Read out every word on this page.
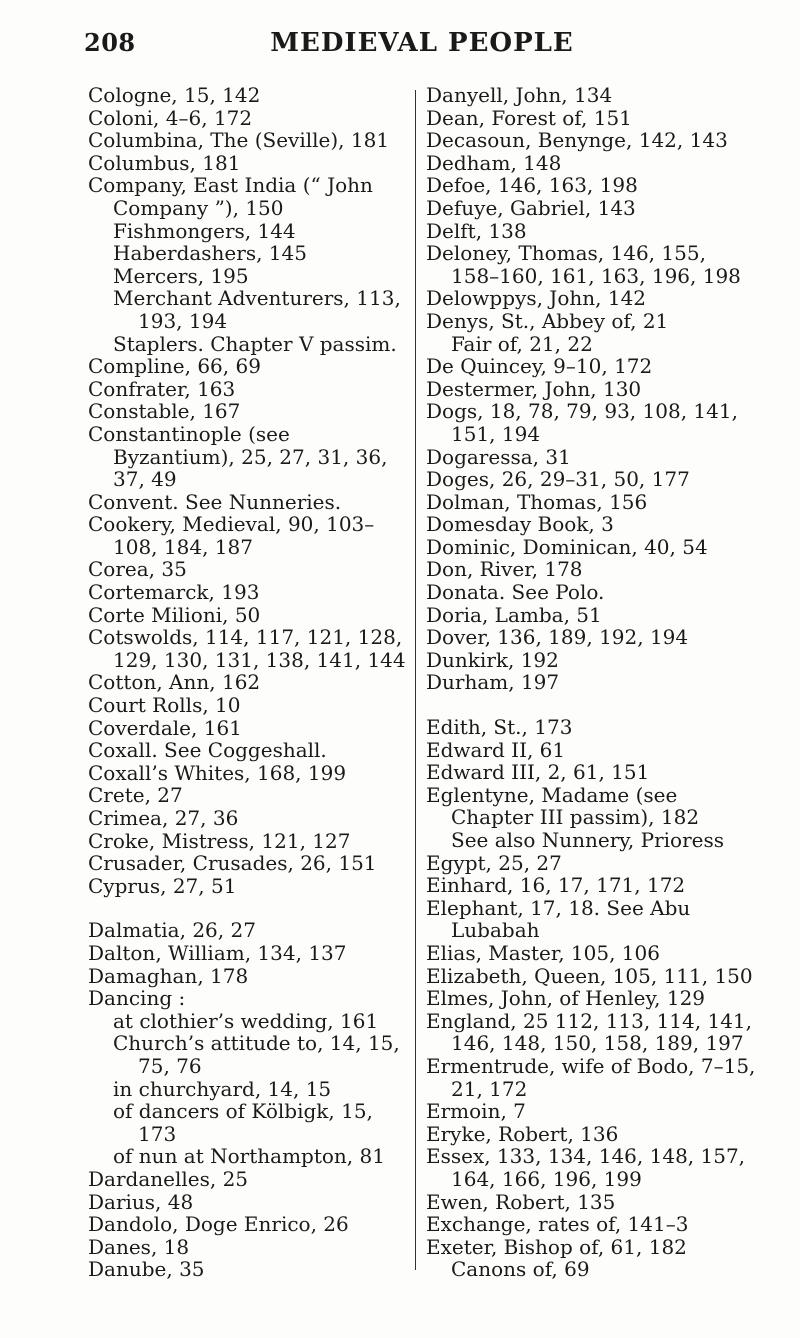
208	MEDIEVAL PEOPLE
Cologne, 15, 142
Coloni, 4–6, 172
Columbina, The (Seville), 181
Columbus, 181
Company, East India (“ John Company ”), 150
Fishmongers, 144
Haberdashers, 145
Mercers, 195
Merchant Adventurers, 113, 193, 194
Staplers. Chapter V passim.
Compline, 66, 69
Confrater, 163
Constable, 167
Constantinople (see Byzantium), 25, 27, 31, 36, 37, 49
Convent. See Nunneries.
Cookery, Medieval, 90, 103–108, 184, 187
Corea, 35
Cortemarck, 193
Corte Milioni, 50
Cotswolds, 114, 117, 121, 128, 129, 130, 131, 138, 141, 144
Cotton, Ann, 162
Court Rolls, 10
Coverdale, 161
Coxall. See Coggeshall.
Coxall’s Whites, 168, 199
Crete, 27
Crimea, 27, 36
Croke, Mistress, 121, 127
Crusader, Crusades, 26, 151
Cyprus, 27, 51
Dalmatia, 26, 27
Dalton, William, 134, 137
Damaghan, 178
Dancing :
at clothier’s wedding, 161
Church’s attitude to, 14, 15, 75, 76
in churchyard, 14, 15
of dancers of Kölbigk, 15, 173
of nun at Northampton, 81
Dardanelles, 25
Darius, 48
Dandolo, Doge Enrico, 26
Danes, 18
Danube, 35
Danyell, John, 134
Dean, Forest of, 151
Decasoun, Benynge, 142, 143
Dedham, 148
Defoe, 146, 163, 198
Defuye, Gabriel, 143
Delft, 138
Deloney, Thomas, 146, 155, 158–160, 161, 163, 196, 198
Delowppys, John, 142
Denys, St., Abbey of, 21
Fair of, 21, 22
De Quincey, 9–10, 172
Destermer, John, 130
Dogs, 18, 78, 79, 93, 108, 141, 151, 194
Dogaressa, 31
Doges, 26, 29–31, 50, 177
Dolman, Thomas, 156
Domesday Book, 3
Dominic, Dominican, 40, 54
Don, River, 178
Donata. See Polo.
Doria, Lamba, 51
Dover, 136, 189, 192, 194
Dunkirk, 192
Durham, 197
Edith, St., 173
Edward II, 61
Edward III, 2, 61, 151
Eglentyne, Madame (see Chapter III passim), 182
See also Nunnery, Prioress
Egypt, 25, 27
Einhard, 16, 17, 171, 172
Elephant, 17, 18. See Abu Lubabah
Elias, Master, 105, 106
Elizabeth, Queen, 105, 111, 150
Elmes, John, of Henley, 129
England, 25 112, 113, 114, 141, 146, 148, 150, 158, 189, 197
Ermentrude, wife of Bodo, 7–15, 21, 172
Ermoin, 7
Eryke, Robert, 136
Essex, 133, 134, 146, 148, 157, 164, 166, 196, 199
Ewen, Robert, 135
Exchange, rates of, 141–3
Exeter, Bishop of, 61, 182
Canons of, 69
